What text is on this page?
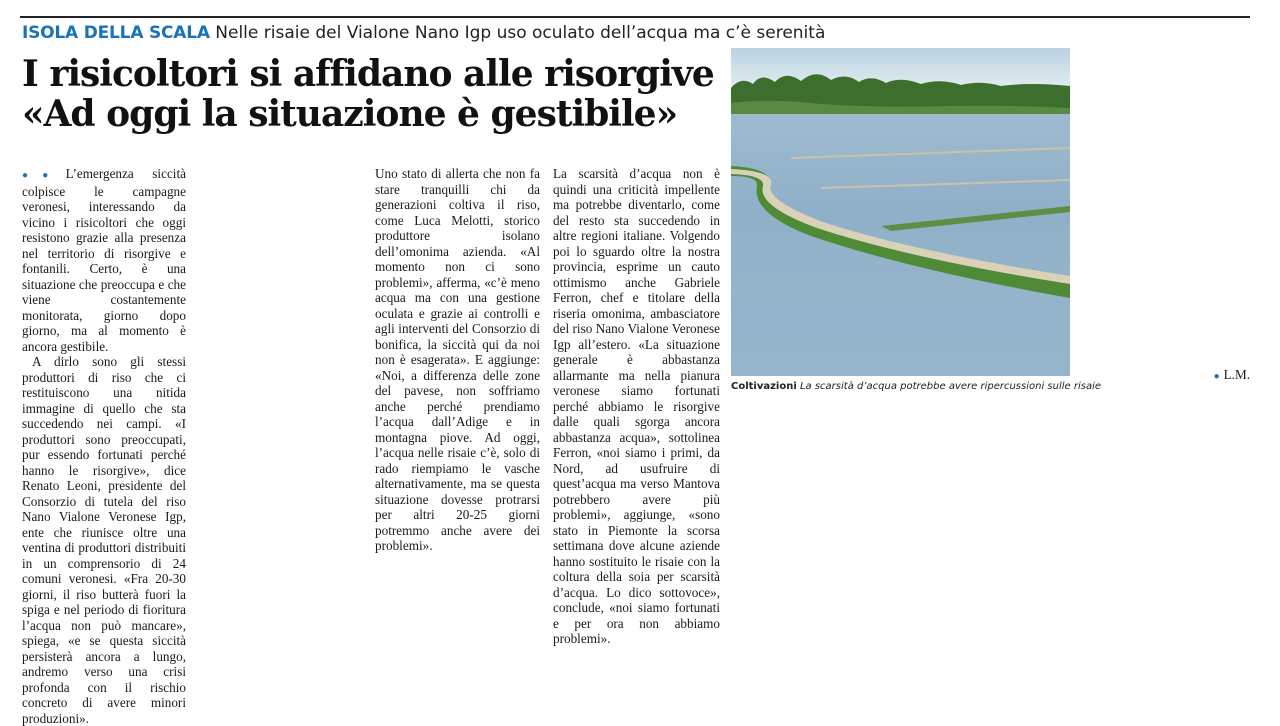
ISOLA DELLA SCALA Nelle risaie del Vialone Nano Igp uso oculato dell’acqua ma c’è serenità
I risicoltori si affidano alle risorgive
«Ad oggi la situazione è gestibile»

●● L’emergenza siccità colpisce le campagne veronesi, interessando da vicino i risicoltori che oggi resistono grazie alla presenza nel territorio di risorgive e fontanili. Certo, è una situazione che preoccupa e che viene costantemente monitorata, giorno dopo giorno, ma al momento è ancora gestibile.

A dirlo sono gli stessi produttori di riso che ci restituiscono una nitida immagine di quello che sta succedendo nei campi. «I produttori sono preoccupati, pur essendo fortunati perché hanno le risorgive», dice Renato Leoni, presidente del Consorzio di tutela del riso Nano Vialone Veronese Igp, ente che riunisce oltre una ventina di produttori distribuiti in un comprensorio di 24 comuni veronesi. «Fra 20-30 giorni, il riso butterà fuori la spiga e nel periodo di fioritura l’acqua non può mancare», spiega, «e se questa siccità persisterà ancora a lungo, andremo verso una crisi profonda con il rischio concreto di avere minori produzioni».

Uno stato di allerta che non fa stare tranquilli chi da generazioni coltiva il riso, come Luca Melotti, storico produttore isolano dell’omonima azienda. «Al momento non ci sono problemi», afferma, «c’è meno acqua ma con una gestione oculata e grazie ai controlli e agli interventi del Consorzio di bonifica, la siccità qui da noi non è esagerata». E aggiunge: «Noi, a differenza delle zone del pavese, non soffriamo anche perché prendiamo l’acqua dall’Adige e in montagna piove. Ad oggi, l’acqua nelle risaie c’è, solo di rado riempiamo le vasche alternativamente, ma se questa situazione dovesse protrarsi per altri 20-25 giorni potremmo anche avere dei problemi».

La scarsità d’acqua non è quindi una criticità impellente ma potrebbe diventarlo, come del resto sta succedendo in altre regioni italiane. Volgendo poi lo sguardo oltre la nostra provincia, esprime un cauto ottimismo anche Gabriele Ferron, chef e titolare della riseria omonima, ambasciatore del riso Nano Vialone Veronese Igp all’estero. «La situazione generale è abbastanza allarmante ma nella pianura veronese siamo fortunati perché abbiamo le risorgive dalle quali sgorga ancora abbastanza acqua», sottolinea Ferron, «noi siamo i primi, da Nord, ad usufruire di quest’acqua ma verso Mantova potrebbero avere più problemi», aggiunge, «sono stato in Piemonte la scorsa settimana dove alcune aziende hanno sostituito le risaie con la coltura della soia per scarsità d’acqua. Lo dico sottovoce», conclude, «noi siamo fortunati e per ora non abbiamo problemi».

● L.M.

Coltivazioni La scarsità d’acqua potrebbe avere ripercussioni sulle risaie
